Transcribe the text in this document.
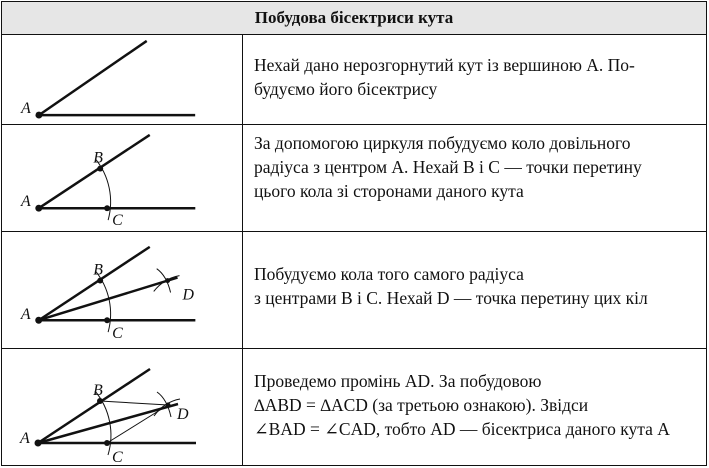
Побудова бісектриси кута
A

Нехай дано нерозгорнутий кут із вершиною A. По-

будуємо його бісектрису

A
B
C

За допомогою циркуля побудуємо коло довільного

радіуса з центром A. Нехай B і C — точки перетину

цього кола зі сторонами даного кута

A
B
C
D

Побудуємо кола того самого радіуса

з центрами B і C. Нехай D — точка перетину цих кіл

A
B
C
D

Проведемо промінь AD. За побудовою

∆ABD = ∆ACD (за третьою ознакою). Звідси

∠BAD = ∠CAD, тобто AD — бісектриса даного кута A
